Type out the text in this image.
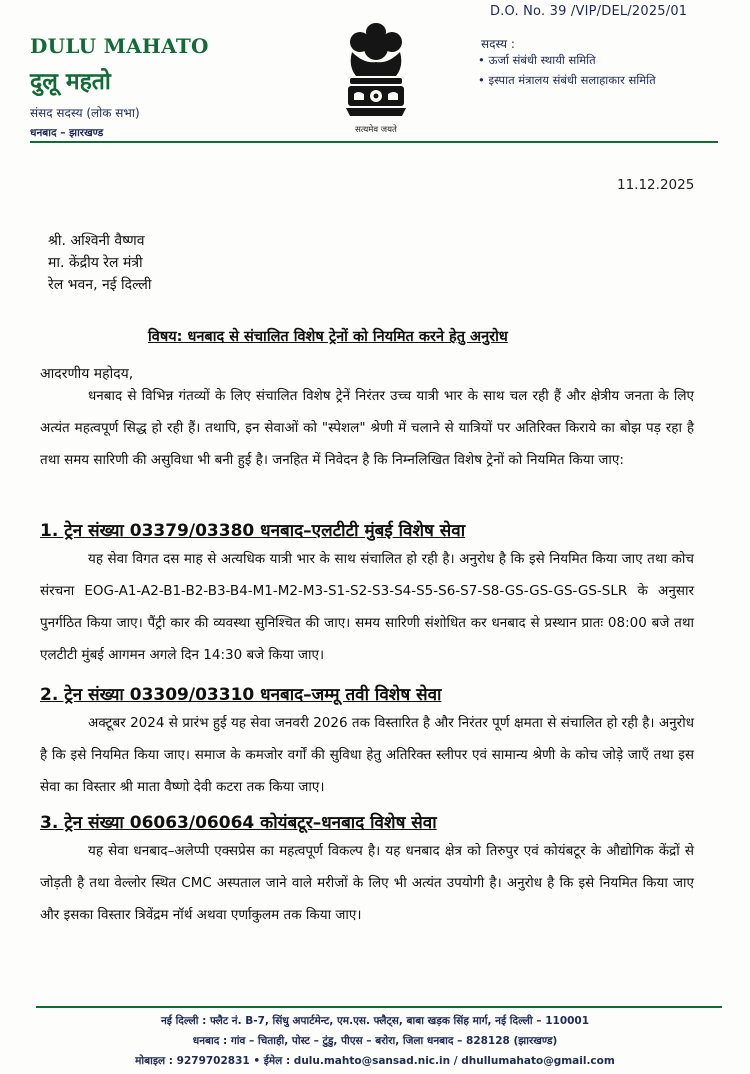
DULU MAHATO
दुलू महतो
संसद सदस्य (लोक सभा)
धनबाद – झारखण्ड	सत्यमेव जयते
D.O. No. 39 /VIP/DEL/2025/01
सदस्य :
• ऊर्जा संबंधी स्थायी समिति
• इस्पात मंत्रालय संबंधी सलाहाकार समिति
11.12.2025
श्री. अश्विनी वैष्णव
मा. केंद्रीय रेल मंत्री
रेल भवन, नई दिल्ली
विषय: धनबाद से संचालित विशेष ट्रेनों को नियमित करने हेतु अनुरोध
आदरणीय महोदय,
धनबाद से विभिन्न गंतव्यों के लिए संचालित विशेष ट्रेनें निरंतर उच्च यात्री भार के साथ चल रही हैं और क्षेत्रीय जनता के लिए अत्यंत महत्वपूर्ण सिद्ध हो रही हैं। तथापि, इन सेवाओं को "स्पेशल" श्रेणी में चलाने से यात्रियों पर अतिरिक्त किराये का बोझ पड़ रहा है तथा समय सारिणी की असुविधा भी बनी हुई है। जनहित में निवेदन है कि निम्नलिखित विशेष ट्रेनों को नियमित किया जाए:
1. ट्रेन संख्या 03379/03380 धनबाद–एलटीटी मुंबई विशेष सेवा
यह सेवा विगत दस माह से अत्यधिक यात्री भार के साथ संचालित हो रही है। अनुरोध है कि इसे नियमित किया जाए तथा कोच संरचना EOG-A1-A2-B1-B2-B3-B4-M1-M2-M3-S1-S2-S3-S4-S5-S6-S7-S8-GS-GS-GS-GS-SLR के अनुसार पुनर्गठित किया जाए। पैंट्री कार की व्यवस्था सुनिश्चित की जाए। समय सारिणी संशोधित कर धनबाद से प्रस्थान प्रातः 08:00 बजे तथा एलटीटी मुंबई आगमन अगले दिन 14:30 बजे किया जाए।
2. ट्रेन संख्या 03309/03310 धनबाद–जम्मू तवी विशेष सेवा
अक्टूबर 2024 से प्रारंभ हुई यह सेवा जनवरी 2026 तक विस्तारित है और निरंतर पूर्ण क्षमता से संचालित हो रही है। अनुरोध है कि इसे नियमित किया जाए। समाज के कमजोर वर्गों की सुविधा हेतु अतिरिक्त स्लीपर एवं सामान्य श्रेणी के कोच जोड़े जाएँ तथा इस सेवा का विस्तार श्री माता वैष्णो देवी कटरा तक किया जाए।
3. ट्रेन संख्या 06063/06064 कोयंबटूर–धनबाद विशेष सेवा
यह सेवा धनबाद–अलेप्पी एक्सप्रेस का महत्वपूर्ण विकल्प है। यह धनबाद क्षेत्र को तिरुपुर एवं कोयंबटूर के औद्योगिक केंद्रों से जोड़ती है तथा वेल्लोर स्थित CMC अस्पताल जाने वाले मरीजों के लिए भी अत्यंत उपयोगी है। अनुरोध है कि इसे नियमित किया जाए और इसका विस्तार त्रिवेंद्रम नॉर्थ अथवा एर्णाकुलम तक किया जाए।
नई दिल्ली : फ्लैट नं. B-7, सिंधु अपार्टमेन्ट, एम.एस. फ्लैट्स, बाबा खड़क सिंह मार्ग, नई दिल्ली – 110001
धनबाद : गांव – चिताही, पोस्ट – टुंडु, पीएस – बरोरा, जिला धनबाद – 828128 (झारखण्ड)
मोबाइल : 9279702831 • ईमेल : dulu.mahto@sansad.nic.in / dhullumahato@gmail.com
